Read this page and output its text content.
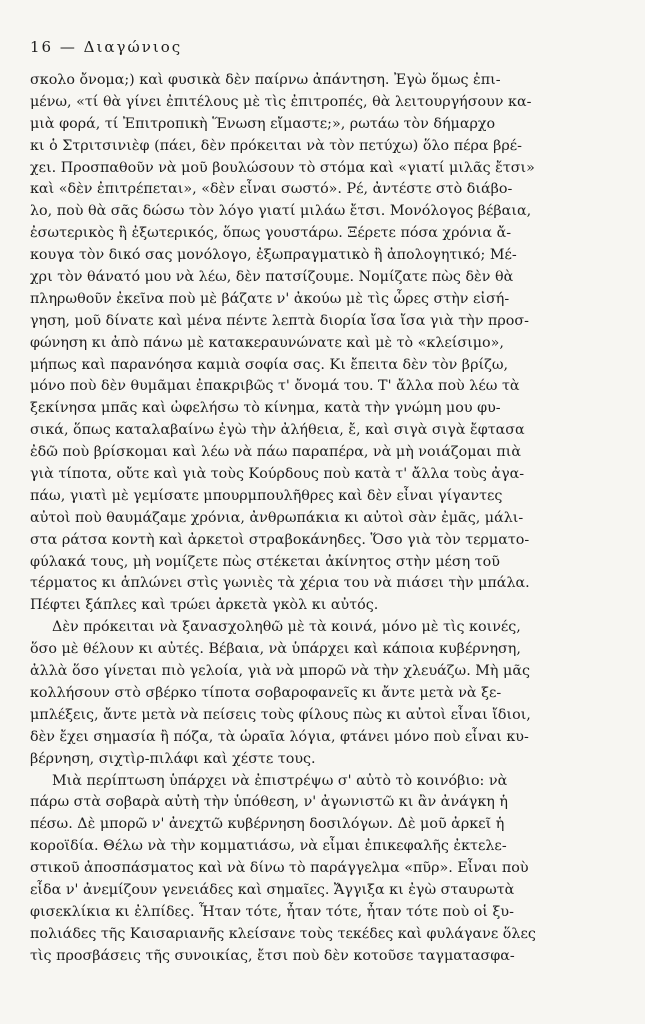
16 — Διαγώνιος
σκολο ὄνομα;) καὶ φυσικὰ δὲν παίρνω ἀπάντηση. Ἐγὼ ὅμως ἐπι-
μένω, «τί θὰ γίνει ἐπιτέλους μὲ τὶς ἐπιτροπές, θὰ λειτουργήσουν κα-
μιὰ φορά, τί Ἐπιτροπικὴ Ἕνωση εἴμαστε;», ρωτάω τὸν δήμαρχο
κι ὁ Στριτσινιὲφ (πάει, δὲν πρόκειται νὰ τὸν πετύχω) ὅλο πέρα βρέ-
χει. Προσπαθοῦν νὰ μοῦ βουλώσουν τὸ στόμα καὶ «γιατί μιλᾶς ἔτσι»
καὶ «δὲν ἐπιτρέπεται», «δὲν εἶναι σωστό». Ρέ, ἀντέστε στὸ διάβο-
λο, ποὺ θὰ σᾶς δώσω τὸν λόγο γιατί μιλάω ἔτσι. Μονόλογος βέβαια,
ἐσωτερικὸς ἢ ἐξωτερικός, ὅπως γουστάρω. Ξέρετε πόσα χρόνια ἄ-
κουγα τὸν δικό σας μονόλογο, ἐξωπραγματικὸ ἢ ἀπολογητικό; Μέ-
χρι τὸν θάνατό μου νὰ λέω, δὲν πατσίζουμε. Νομίζατε πὼς δὲν θὰ
πληρωθοῦν ἐκεῖνα ποὺ μὲ βάζατε ν' ἀκούω μὲ τὶς ὧρες στὴν εἰσή-
γηση, μοῦ δίνατε καὶ μένα πέντε λεπτὰ διορία ἴσα ἴσα γιὰ τὴν προσ-
φώνηση κι ἀπὸ πάνω μὲ κατακεραυνώνατε καὶ μὲ τὸ «κλείσιμο»,
μήπως καὶ παρανόησα καμιὰ σοφία σας. Κι ἔπειτα δὲν τὸν βρίζω,
μόνο ποὺ δὲν θυμᾶμαι ἐπακριβῶς τ' ὄνομά του. Τ' ἄλλα ποὺ λέω τὰ
ξεκίνησα μπᾶς καὶ ὠφελήσω τὸ κίνημα, κατὰ τὴν γνώμη μου φυ-
σικά, ὅπως καταλαβαίνω ἐγὼ τὴν ἀλήθεια, ἔ, καὶ σιγὰ σιγὰ ἔφτασα
ἐδῶ ποὺ βρίσκομαι καὶ λέω νὰ πάω παραπέρα, νὰ μὴ νοιάζομαι πιὰ
γιὰ τίποτα, οὔτε καὶ γιὰ τοὺς Κούρδους ποὺ κατὰ τ' ἄλλα τοὺς ἀγα-
πάω, γιατὶ μὲ γεμίσατε μπουρμπουλῆθρες καὶ δὲν εἶναι γίγαντες
αὐτοὶ ποὺ θαυμάζαμε χρόνια, ἀνθρωπάκια κι αὐτοὶ σὰν ἐμᾶς, μάλι-
στα ράτσα κοντὴ καὶ ἀρκετοὶ στραβοκάνηδες. Ὅσο γιὰ τὸν τερματο-
φύλακά τους, μὴ νομίζετε πὼς στέκεται ἀκίνητος στὴν μέση τοῦ
τέρματος κι ἁπλώνει στὶς γωνιὲς τὰ χέρια του νὰ πιάσει τὴν μπάλα.
Πέφτει ξάπλες καὶ τρώει ἀρκετὰ γκὸλ κι αὐτός.
Δὲν πρόκειται νὰ ξανασχοληθῶ μὲ τὰ κοινά, μόνο μὲ τὶς κοινές,
ὅσο μὲ θέλουν κι αὐτές. Βέβαια, νὰ ὑπάρχει καὶ κάποια κυβέρνηση,
ἀλλὰ ὅσο γίνεται πιὸ γελοία, γιὰ νὰ μπορῶ νὰ τὴν χλευάζω. Μὴ μᾶς
κολλήσουν στὸ σβέρκο τίποτα σοβαροφανεῖς κι ἄντε μετὰ νὰ ξε-
μπλέξεις, ἄντε μετὰ νὰ πείσεις τοὺς φίλους πὼς κι αὐτοὶ εἶναι ἴδιοι,
δὲν ἔχει σημασία ἢ πόζα, τὰ ὡραῖα λόγια, φτάνει μόνο ποὺ εἶναι κυ-
βέρνηση, σιχτὶρ-πιλάφι καὶ χέστε τους.
Μιὰ περίπτωση ὑπάρχει νὰ ἐπιστρέψω σ' αὐτὸ τὸ κοινόβιο: νὰ
πάρω στὰ σοβαρὰ αὐτὴ τὴν ὑπόθεση, ν' ἀγωνιστῶ κι ἂν ἀνάγκη ἡ
πέσω. Δὲ μπορῶ ν' ἀνεχτῶ κυβέρνηση δοσιλόγων. Δὲ μοῦ ἀρκεῖ ἡ
κοροϊδία. Θέλω νὰ τὴν κομματιάσω, νὰ εἶμαι ἐπικεφαλῆς ἐκτελε-
στικοῦ ἀποσπάσματος καὶ νὰ δίνω τὸ παράγγελμα «πῦρ». Εἶναι ποὺ
εἶδα ν' ἀνεμίζουν γενειάδες καὶ σημαῖες. Ἄγγιξα κι ἐγὼ σταυρωτὰ
φισεκλίκια κι ἐλπίδες. Ἦταν τότε, ἦταν τότε, ἦταν τότε ποὺ οἱ ξυ-
πολιάδες τῆς Καισαριανῆς κλείσανε τοὺς τεκέδες καὶ φυλάγανε ὅλες
τὶς προσβάσεις τῆς συνοικίας, ἔτσι ποὺ δὲν κοτοῦσε ταγματασφα-
